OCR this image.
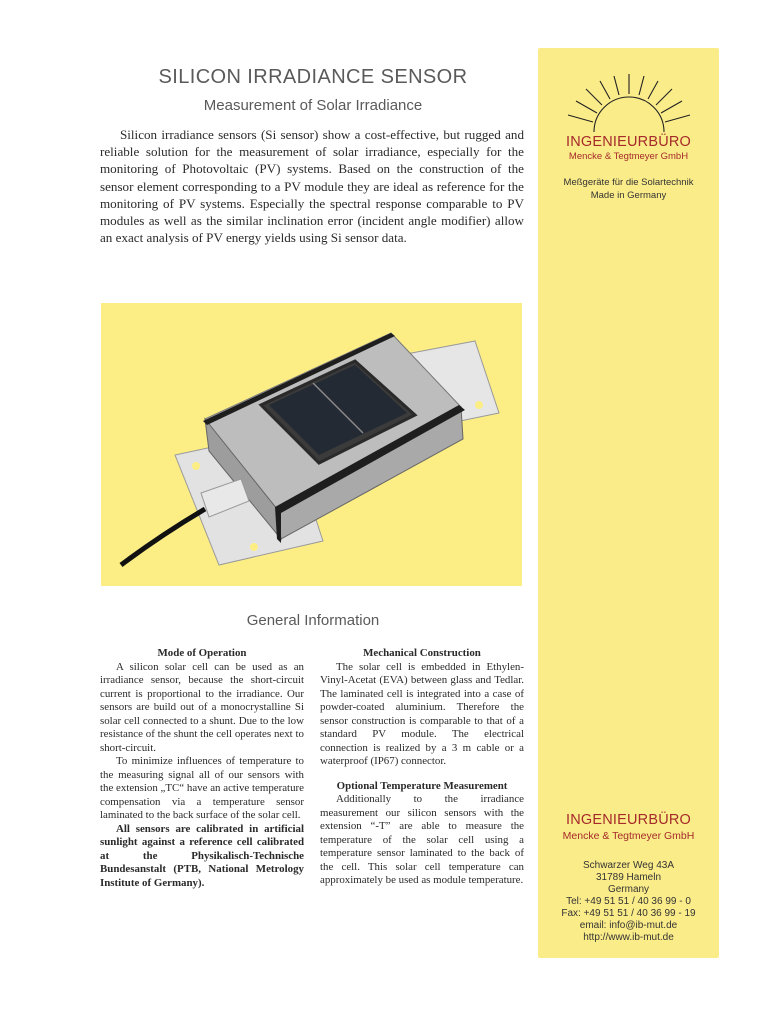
SILICON IRRADIANCE SENSOR
Measurement of Solar Irradiance

Silicon irradiance sensors (Si sensor) show a cost-effective, but rugged and reliable solution for the measurement of solar irradiance, especially for the monitoring of Photovoltaic (PV) systems. Based on the construction of the sensor element corresponding to a PV module they are ideal as reference for the monitoring of PV systems. Especially the spectral response comparable to PV modules as well as the similar inclination error (incident angle modifier) allow an exact analysis of PV energy yields using Si sensor data.

General Information
Mode of Operation

A silicon solar cell can be used as an irradiance sensor, because the short-circuit current is proportional to the irradiance. Our sensors are build out of a monocrystalline Si solar cell connected to a shunt. Due to the low resistance of the shunt the cell operates next to short-circuit.

To minimize influences of temperature to the measuring signal all of our sensors with the extension „TC“ have an active temperature compensation via a temperature sensor laminated to the back surface of the solar cell.

All sensors are calibrated in artificial sunlight against a reference cell calibrated at the Physikalisch-Technische Bundesanstalt (PTB, National Metrology Institute of Germany).

Mechanical Construction

The solar cell is embedded in Ethylen-Vinyl-Acetat (EVA) between glass and Tedlar. The laminated cell is integrated into a case of powder-coated aluminium. Therefore the sensor construction is comparable to that of a standard PV module. The electrical connection is realized by a 3 m cable or a waterproof (IP67) connector.

Optional Temperature Measurement

Additionally to the irradiance measurement our silicon sensors with the extension “-T” are able to measure the temperature of the solar cell using a temperature sensor laminated to the back of the cell. This solar cell temperature can approximately be used as module temperature.

INGENIEURBÜRO
Mencke & Tegtmeyer GmbH
Meßgeräte für die Solartechnik
Made in Germany
INGENIEURBÜRO
Mencke & Tegtmeyer GmbH
Schwarzer Weg 43A
31789 Hameln
Germany
Tel: +49 51 51 / 40 36 99 - 0
Fax: +49 51 51 / 40 36 99 - 19
email: info@ib-mut.de
http://www.ib-mut.de
